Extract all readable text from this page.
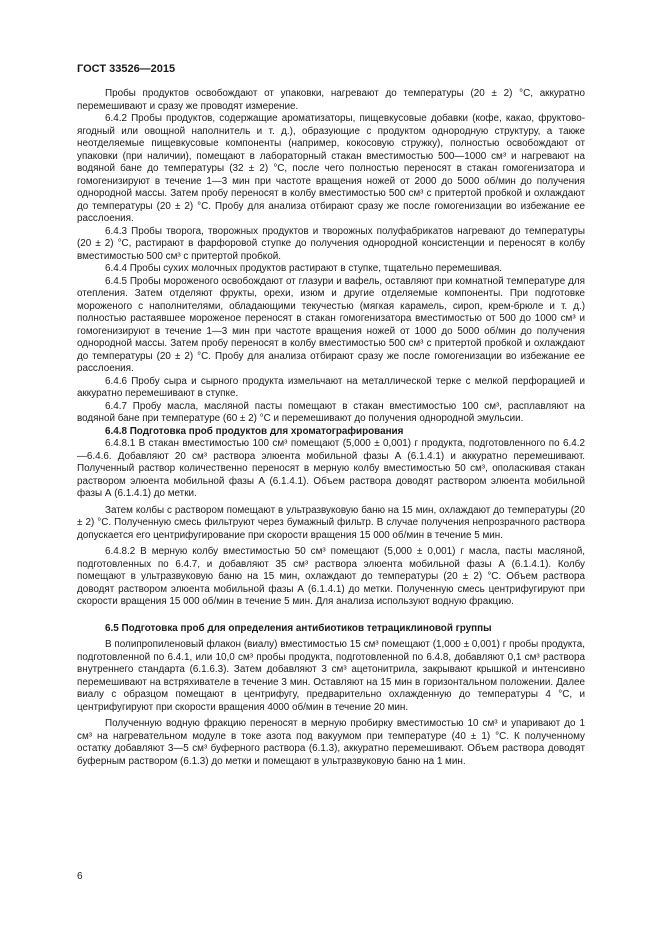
ГОСТ 33526—2015

Пробы продуктов освобождают от упаковки, нагревают до температуры (20 ± 2) °С, аккуратно перемешивают и сразу же проводят измерение.

6.4.2 Пробы продуктов, содержащие ароматизаторы, пищевкусовые добавки (кофе, какао, фруктово-ягодный или овощной наполнитель и т. д.), образующие с продуктом однородную структуру, а также неотделяемые пищевкусовые компоненты (например, кокосовую стружку), полностью освобождают от упаковки (при наличии), помещают в лабораторный стакан вместимостью 500—1000 см³ и нагревают на водяной бане до температуры (32 ± 2) °С, после чего полностью переносят в стакан гомогенизатора и гомогенизируют в течение 1—3 мин при частоте вращения ножей от 2000 до 5000 об/мин до получения однородной массы. Затем пробу переносят в колбу вместимостью 500 см³ с притертой пробкой и охлаждают до температуры (20 ± 2) °С. Пробу для анализа отбирают сразу же после гомогенизации во избежание ее расслоения.

6.4.3 Пробы творога, творожных продуктов и творожных полуфабрикатов нагревают до температуры (20 ± 2) °С, растирают в фарфоровой ступке до получения однородной консистенции и переносят в колбу вместимостью 500 см³ с притертой пробкой.

6.4.4 Пробы сухих молочных продуктов растирают в ступке, тщательно перемешивая.

6.4.5 Пробы мороженого освобождают от глазури и вафель, оставляют при комнатной температуре для отепления. Затем отделяют фрукты, орехи, изюм и другие отделяемые компоненты. При подготовке мороженого с наполнителями, обладающими текучестью (мягкая карамель, сироп, крем-брюле и т. д.) полностью растаявшее мороженое переносят в стакан гомогенизатора вместимостью от 500 до 1000 см³ и гомогенизируют в течение 1—3 мин при частоте вращения ножей от 1000 до 5000 об/мин до получения однородной массы. Затем пробу переносят в колбу вместимостью 500 см³ с притертой пробкой и охлаждают до температуры (20 ± 2) °С. Пробу для анализа отбирают сразу же после гомогенизации во избежание ее расслоения.

6.4.6 Пробу сыра и сырного продукта измельчают на металлической терке с мелкой перфорацией и аккуратно перемешивают в ступке.

6.4.7 Пробу масла, масляной пасты помещают в стакан вместимостью 100 см³, расплавляют на водяной бане при температуре (60 ± 2) °С и перемешивают до получения однородной эмульсии.

6.4.8 Подготовка проб продуктов для хроматографирования

6.4.8.1 В стакан вместимостью 100 см³ помещают (5,000 ± 0,001) г продукта, подготовленного по 6.4.2—6.4.6. Добавляют 20 см³ раствора элюента мобильной фазы А (6.1.4.1) и аккуратно перемешивают. Полученный раствор количественно переносят в мерную колбу вместимостью 50 см³, ополаскивая стакан раствором элюента мобильной фазы А (6.1.4.1). Объем раствора доводят раствором элюента мобильной фазы А (6.1.4.1) до метки.

Затем колбы с раствором помещают в ультразвуковую баню на 15 мин, охлаждают до температуры (20 ± 2) °С. Полученную смесь фильтруют через бумажный фильтр. В случае получения непрозрачного раствора допускается его центрифугирование при скорости вращения 15 000 об/мин в течение 5 мин.

6.4.8.2 В мерную колбу вместимостью 50 см³ помещают (5,000 ± 0,001) г масла, пасты масляной, подготовленных по 6.4.7, и добавляют 35 см³ раствора элюента мобильной фазы А (6.1.4.1). Колбу помещают в ультразвуковую баню на 15 мин, охлаждают до температуры (20 ± 2) °С. Объем раствора доводят раствором элюента мобильной фазы А (6.1.4.1) до метки. Полученную смесь центрифугируют при скорости вращения 15 000 об/мин в течение 5 мин. Для анализа используют водную фракцию.

6.5 Подготовка проб для определения антибиотиков тетрациклиновой группы

В полипропиленовый флакон (виалу) вместимостью 15 см³ помещают (1,000 ± 0,001) г пробы продукта, подготовленной по 6.4.1, или 10,0 см³ пробы продукта, подготовленной по 6.4.8, добавляют 0,1 см³ раствора внутреннего стандарта (6.1.6.3). Затем добавляют 3 см³ ацетонитрила, закрывают крышкой и интенсивно перемешивают на встряхивателе в течение 3 мин. Оставляют на 15 мин в горизонтальном положении. Далее виалу с образцом помещают в центрифугу, предварительно охлажденную до температуры 4 °С, и центрифугируют при скорости вращения 4000 об/мин в течение 20 мин.

Полученную водную фракцию переносят в мерную пробирку вместимостью 10 см³ и упаривают до 1 см³ на нагревательном модуле в токе азота под вакуумом при температуре (40 ± 1) °С. К полученному остатку добавляют 3—5 см³ буферного раствора (6.1.3), аккуратно перемешивают. Объем раствора доводят буферным раствором (6.1.3) до метки и помещают в ультразвуковую баню на 1 мин.

6
